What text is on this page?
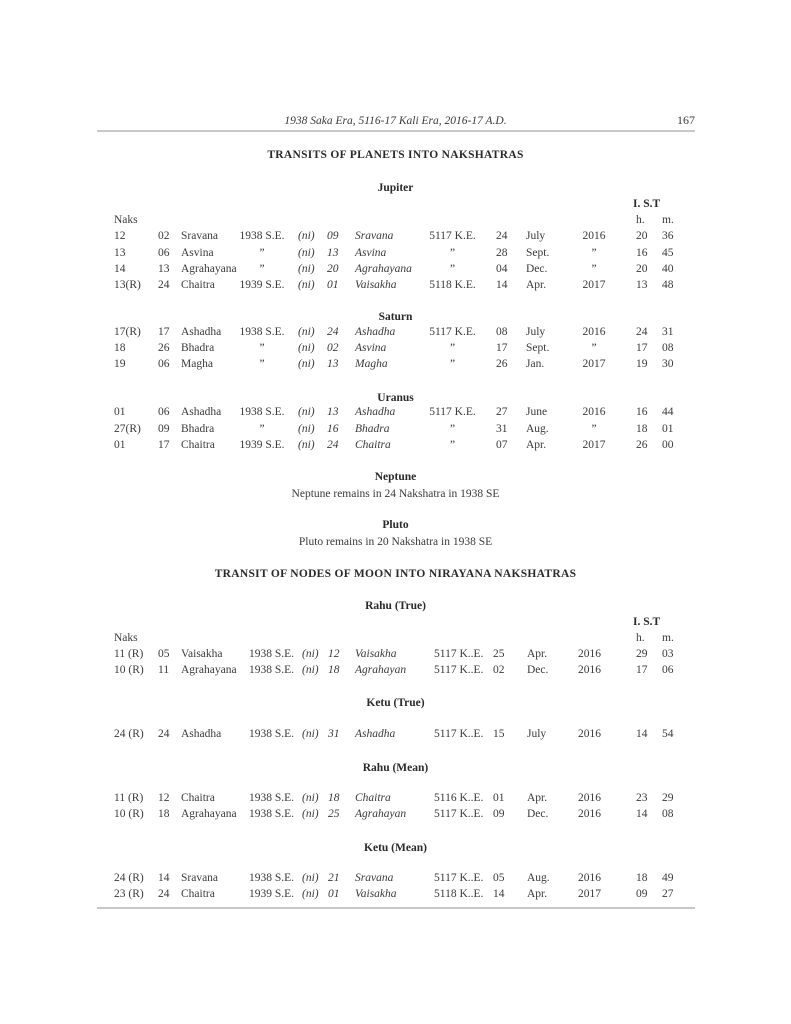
1938 Saka Era, 5116-17 Kali Era, 2016-17 A.D.	167
TRANSITS OF PLANETS INTO NAKSHATRAS
Jupiter
I. S.T
Naks	h. m.
12	02 Sravana 1938 S.E. (ni) 09 Sravana	5117 K.E.	24 July	2016	20 36
13	06 Asvina	”	(ni) 13 Asvina	”	28 Sept.	”	16 45
14	13 Agrahayana	”	(ni) 20 Agrahayana	”	04 Dec.	”	20 40
13(R) 24 Chaitra 1939 S.E. (ni) 01 Vaisakha	5118 K.E.	14 Apr.	2017	13 48
Saturn
17(R) 17 Ashadha 1938 S.E. (ni) 24 Ashadha	5117 K.E.	08 July	2016	24 31
18	26 Bhadra	”	(ni) 02 Asvina	”	17 Sept.	”	17 08
19	06 Magha	”	(ni) 13 Magha	”	26 Jan.	2017	19 30
Uranus
01	06 Ashadha 1938 S.E. (ni) 13 Ashadha	5117 K.E.	27 June	2016	16 44
27(R) 09 Bhadra	”	(ni) 16 Bhadra	”	31 Aug.	”	18 01
01	17 Chaitra 1939 S.E. (ni) 24 Chaitra	”	07 Apr.	2017	26 00
Neptune
Neptune remains in 24 Nakshatra in 1938 SE
Pluto
Pluto remains in 20 Nakshatra in 1938 SE
TRANSIT OF NODES OF MOON INTO NIRAYANA NAKSHATRAS
Rahu (True)
I. S.T
Naks	h. m.
11 (R) 05 Vaisakha 1938 S.E. (ni) 12 Vaisakha	5117 K..E. 25 Apr.	2016	29 03
10 (R) 11 Agrahayana 1938 S.E. (ni) 18 Agrahayan 5117 K..E. 02 Dec.	2016	17 06
Ketu (True)
24 (R) 24 Ashadha 1938 S.E. (ni) 31 Ashadha	5117 K..E. 15 July	2016	14 54
Rahu (Mean)
11 (R) 12 Chaitra	1938 S.E. (ni) 18 Chaitra	5116 K..E. 01 Apr.	2016	23 29
10 (R) 18 Agrahayana 1938 S.E. (ni) 25 Agrahayan 5117 K..E. 09 Dec.	2016	14 08
Ketu (Mean)
24 (R) 14 Sravana	1938 S.E. (ni) 21 Sravana	5117 K..E. 05 Aug. 2016	18 49
23 (R) 24 Chaitra	1939 S.E. (ni) 01 Vaisakha	5118 K..E. 14 Apr.	2017	09 27
